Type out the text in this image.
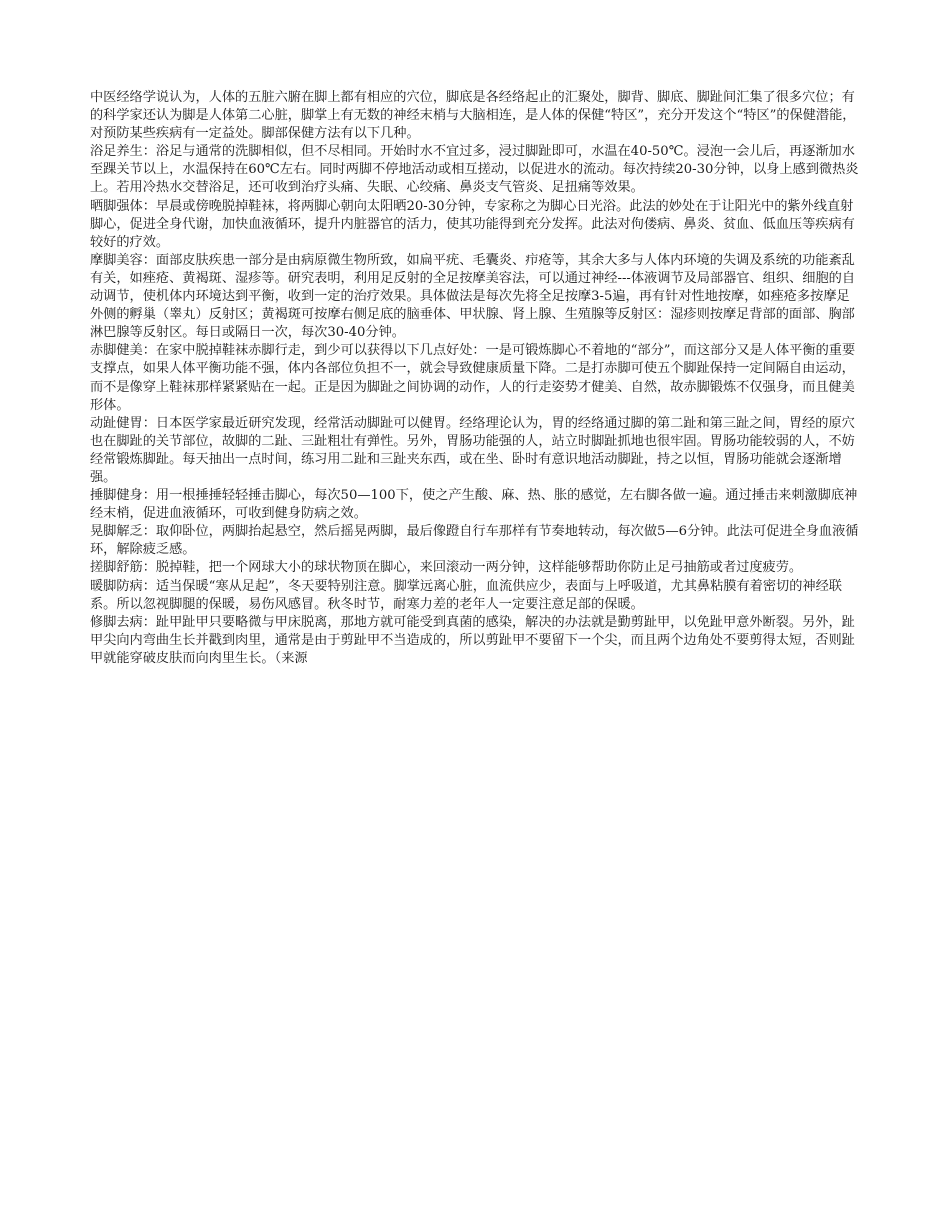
中医经络学说认为，人体的五脏六腑在脚上都有相应的穴位，脚底是各经络起止的汇聚处，脚背、脚底、脚趾间汇集了很多穴位；有的科学家还认为脚是人体第二心脏，脚掌上有无数的神经末梢与大脑相连，是人体的保健“特区”，充分开发这个“特区”的保健潜能，对预防某些疾病有一定益处。脚部保健方法有以下几种。

浴足养生：浴足与通常的洗脚相似，但不尽相同。开始时水不宜过多，浸过脚趾即可，水温在40-50℃。浸泡一会儿后，再逐渐加水至踝关节以上，水温保持在60℃左右。同时两脚不停地活动或相互搓动，以促进水的流动。每次持续20-30分钟，以身上感到微热炎上。若用冷热水交替浴足，还可收到治疗头痛、失眠、心绞痛、鼻炎支气管炎、足扭痛等效果。

晒脚强体：早晨或傍晚脱掉鞋袜，将两脚心朝向太阳晒20-30分钟，专家称之为脚心日光浴。此法的妙处在于让阳光中的紫外线直射脚心，促进全身代谢，加快血液循环，提升内脏器官的活力，使其功能得到充分发挥。此法对佝偻病、鼻炎、贫血、低血压等疾病有较好的疗效。

摩脚美容：面部皮肤疾患一部分是由病原微生物所致，如扁平疣、毛囊炎、疖疮等，其余大多与人体内环境的失调及系统的功能紊乱有关，如痤疮、黄褐斑、湿疹等。研究表明，利用足反射的全足按摩美容法，可以通过神经---体液调节及局部器官、组织、细胞的自动调节，使机体内环境达到平衡，收到一定的治疗效果。具体做法是每次先将全足按摩3-5遍，再有针对性地按摩，如痤疮多按摩足外侧的孵巢（睾丸）反射区；黄褐斑可按摩右侧足底的脑垂体、甲状腺、肾上腺、生殖腺等反射区：湿疹则按摩足背部的面部、胸部淋巴腺等反射区。每日或隔日一次，每次30-40分钟。

赤脚健美：在家中脱掉鞋袜赤脚行走，到少可以获得以下几点好处：一是可锻炼脚心不着地的“部分”，而这部分又是人体平衡的重要支撑点，如果人体平衡功能不强，体内各部位负担不一，就会导致健康质量下降。二是打赤脚可使五个脚趾保持一定间隔自由运动，而不是像穿上鞋袜那样紧紧贴在一起。正是因为脚趾之间协调的动作，人的行走姿势才健美、自然，故赤脚锻炼不仅强身，而且健美形体。

动趾健胃：日本医学家最近研究发现，经常活动脚趾可以健胃。经络理论认为，胃的经络通过脚的第二趾和第三趾之间，胃经的原穴也在脚趾的关节部位，故脚的二趾、三趾粗壮有弹性。另外，胃肠功能强的人，站立时脚趾抓地也很牢固。胃肠功能较弱的人，不妨经常锻炼脚趾。每天抽出一点时间，练习用二趾和三趾夹东西，或在坐、卧时有意识地活动脚趾，持之以恒，胃肠功能就会逐渐增强。

捶脚健身：用一根捶捶轻轻捶击脚心，每次50—100下，使之产生酸、麻、热、胀的感觉，左右脚各做一遍。通过捶击来刺激脚底神经末梢，促进血液循环，可收到健身防病之效。

晃脚解乏：取仰卧位，两脚抬起悬空，然后摇晃两脚，最后像蹬自行车那样有节奏地转动，每次做5—6分钟。此法可促进全身血液循环，解除疲乏感。

搓脚舒筋：脱掉鞋，把一个网球大小的球状物顶在脚心，来回滚动一两分钟，这样能够帮助你防止足弓抽筋或者过度疲劳。

暖脚防病：适当保暖“寒从足起”，冬天要特别注意。脚掌远离心脏，血流供应少，表面与上呼吸道，尤其鼻粘膜有着密切的神经联系。所以忽视脚腿的保暖，易伤风感冒。秋冬时节，耐寒力差的老年人一定要注意足部的保暖。

修脚去病：趾甲趾甲只要略微与甲床脱离，那地方就可能受到真菌的感染，解决的办法就是勤剪趾甲，以免趾甲意外断裂。另外，趾甲尖向内弯曲生长并戳到肉里，通常是由于剪趾甲不当造成的，所以剪趾甲不要留下一个尖，而且两个边角处不要剪得太短，否则趾甲就能穿破皮肤而向肉里生长。（来源
